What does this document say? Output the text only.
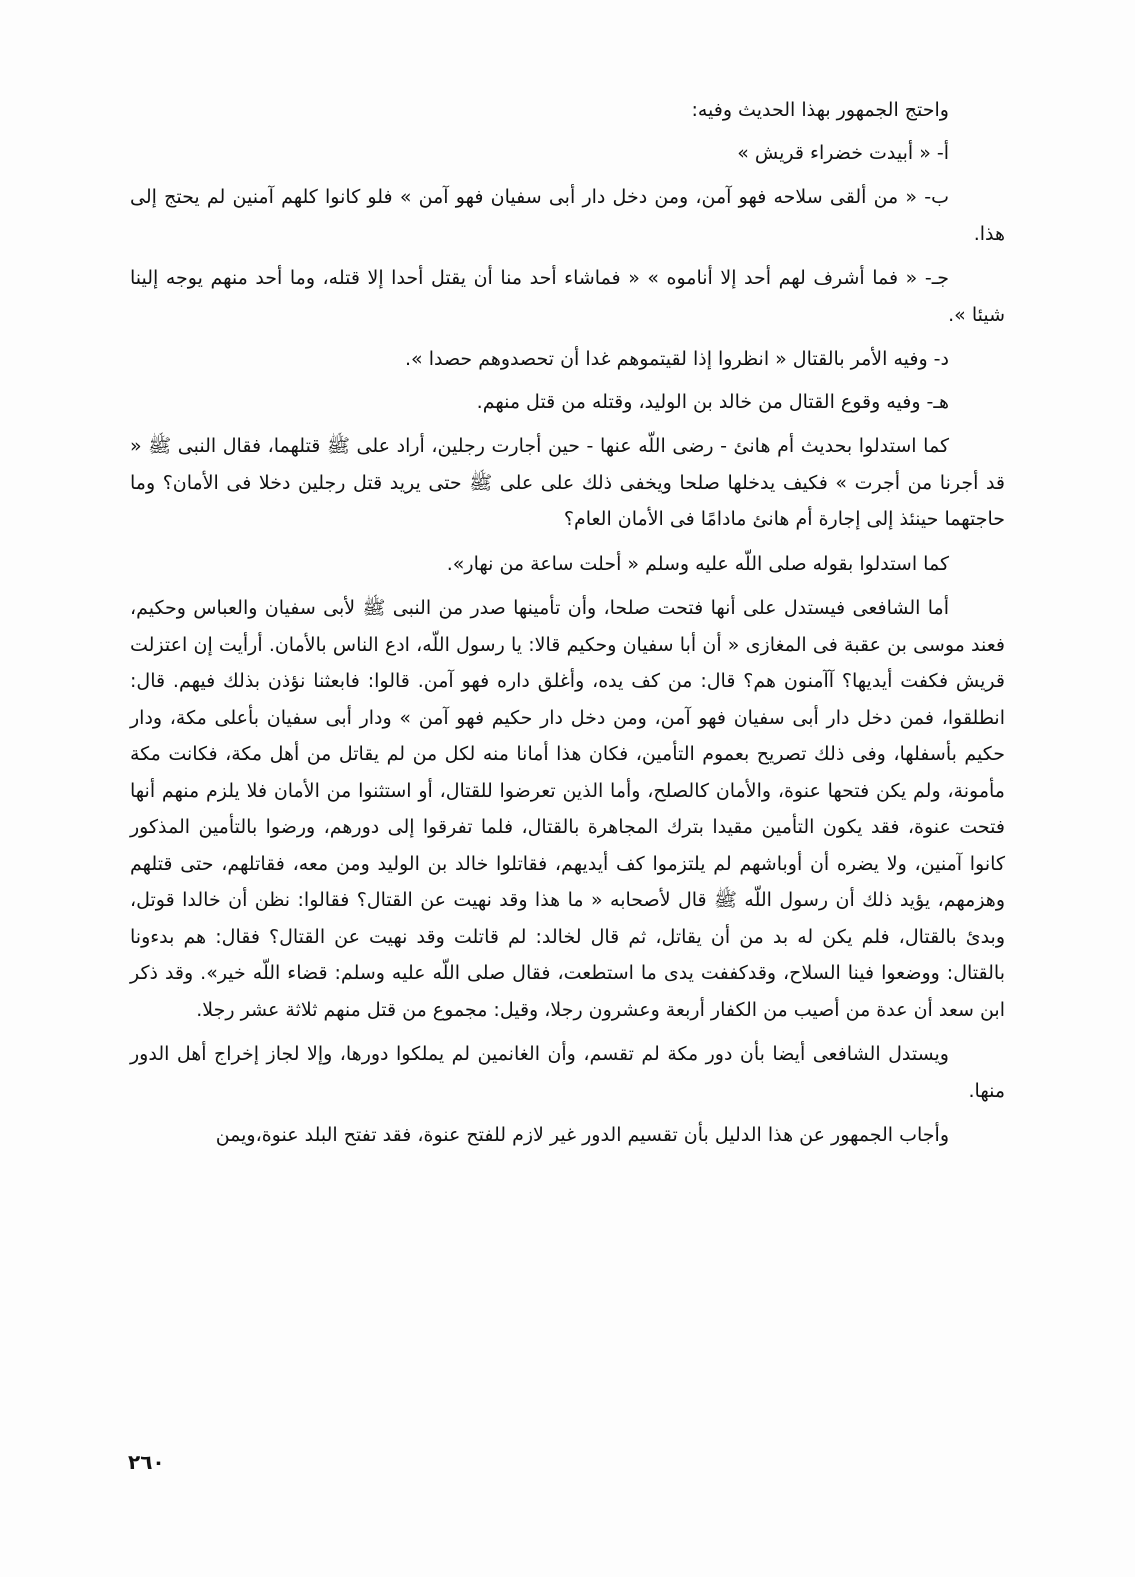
واحتج الجمهور بهذا الحديث وفيه:

أ- « أبيدت خضراء قريش »

ب- « من ألقى سلاحه فهو آمن، ومن دخل دار أبى سفيان فهو آمن » فلو كانوا كلهم آمنين لم يحتج إلى هذا.

جـ- « فما أشرف لهم أحد إلا أناموه » « فماشاء أحد منا أن يقتل أحدا إلا قتله، وما أحد منهم يوجه إلينا شيئا ».

د- وفيه الأمر بالقتال « انظروا إذا لقيتموهم غدا أن تحصدوهم حصدا ».

هـ- وفيه وقوع القتال من خالد بن الوليد، وقتله من قتل منهم.

كما استدلوا بحديث أم هانئ - رضى اللّه عنها - حين أجارت رجلين، أراد على ﷺ قتلهما، فقال النبى ﷺ « قد أجرنا من أجرت » فكيف يدخلها صلحا ويخفى ذلك على على ﷺ حتى يريد قتل رجلين دخلا فى الأمان؟ وما حاجتهما حينئذ إلى إجارة أم هانئ مادامًا فى الأمان العام؟

كما استدلوا بقوله صلى اللّه عليه وسلم « أحلت ساعة من نهار».

أما الشافعى فيستدل على أنها فتحت صلحا، وأن تأمينها صدر من النبى ﷺ لأبى سفيان والعباس وحكيم، فعند موسى بن عقبة فى المغازى « أن أبا سفيان وحكيم قالا: يا رسول اللّه، ادع الناس بالأمان. أرأيت إن اعتزلت قريش فكفت أيديها؟ آآمنون هم؟ قال: من كف يده، وأغلق داره فهو آمن. قالوا: فابعثنا نؤذن بذلك فيهم. قال: انطلقوا، فمن دخل دار أبى سفيان فهو آمن، ومن دخل دار حكيم فهو آمن » ودار أبى سفيان بأعلى مكة، ودار حكيم بأسفلها، وفى ذلك تصريح بعموم التأمين، فكان هذا أمانا منه لكل من لم يقاتل من أهل مكة، فكانت مكة مأمونة، ولم يكن فتحها عنوة، والأمان كالصلح، وأما الذين تعرضوا للقتال، أو استثنوا من الأمان فلا يلزم منهم أنها فتحت عنوة، فقد يكون التأمين مقيدا بترك المجاهرة بالقتال، فلما تفرقوا إلى دورهم، ورضوا بالتأمين المذكور كانوا آمنين، ولا يضره أن أوباشهم لم يلتزموا كف أيديهم، فقاتلوا خالد بن الوليد ومن معه، فقاتلهم، حتى قتلهم وهزمهم، يؤيد ذلك أن رسول اللّه ﷺ قال لأصحابه « ما هذا وقد نهيت عن القتال؟ فقالوا: نظن أن خالدا قوتل، وبدئ بالقتال، فلم يكن له بد من أن يقاتل، ثم قال لخالد: لم قاتلت وقد نهيت عن القتال؟ فقال: هم بدءونا بالقتال: ووضعوا فينا السلاح، وقدكففت يدى ما استطعت، فقال صلى اللّه عليه وسلم: قضاء اللّه خير». وقد ذكر ابن سعد أن عدة من أصيب من الكفار أربعة وعشرون رجلا، وقيل: مجموع من قتل منهم ثلاثة عشر رجلا.

ويستدل الشافعى أيضا بأن دور مكة لم تقسم، وأن الغانمين لم يملكوا دورها، وإلا لجاز إخراج أهل الدور منها.

وأجاب الجمهور عن هذا الدليل بأن تقسيم الدور غير لازم للفتح عنوة، فقد تفتح البلد عنوة،ويمن

٢٦٠
